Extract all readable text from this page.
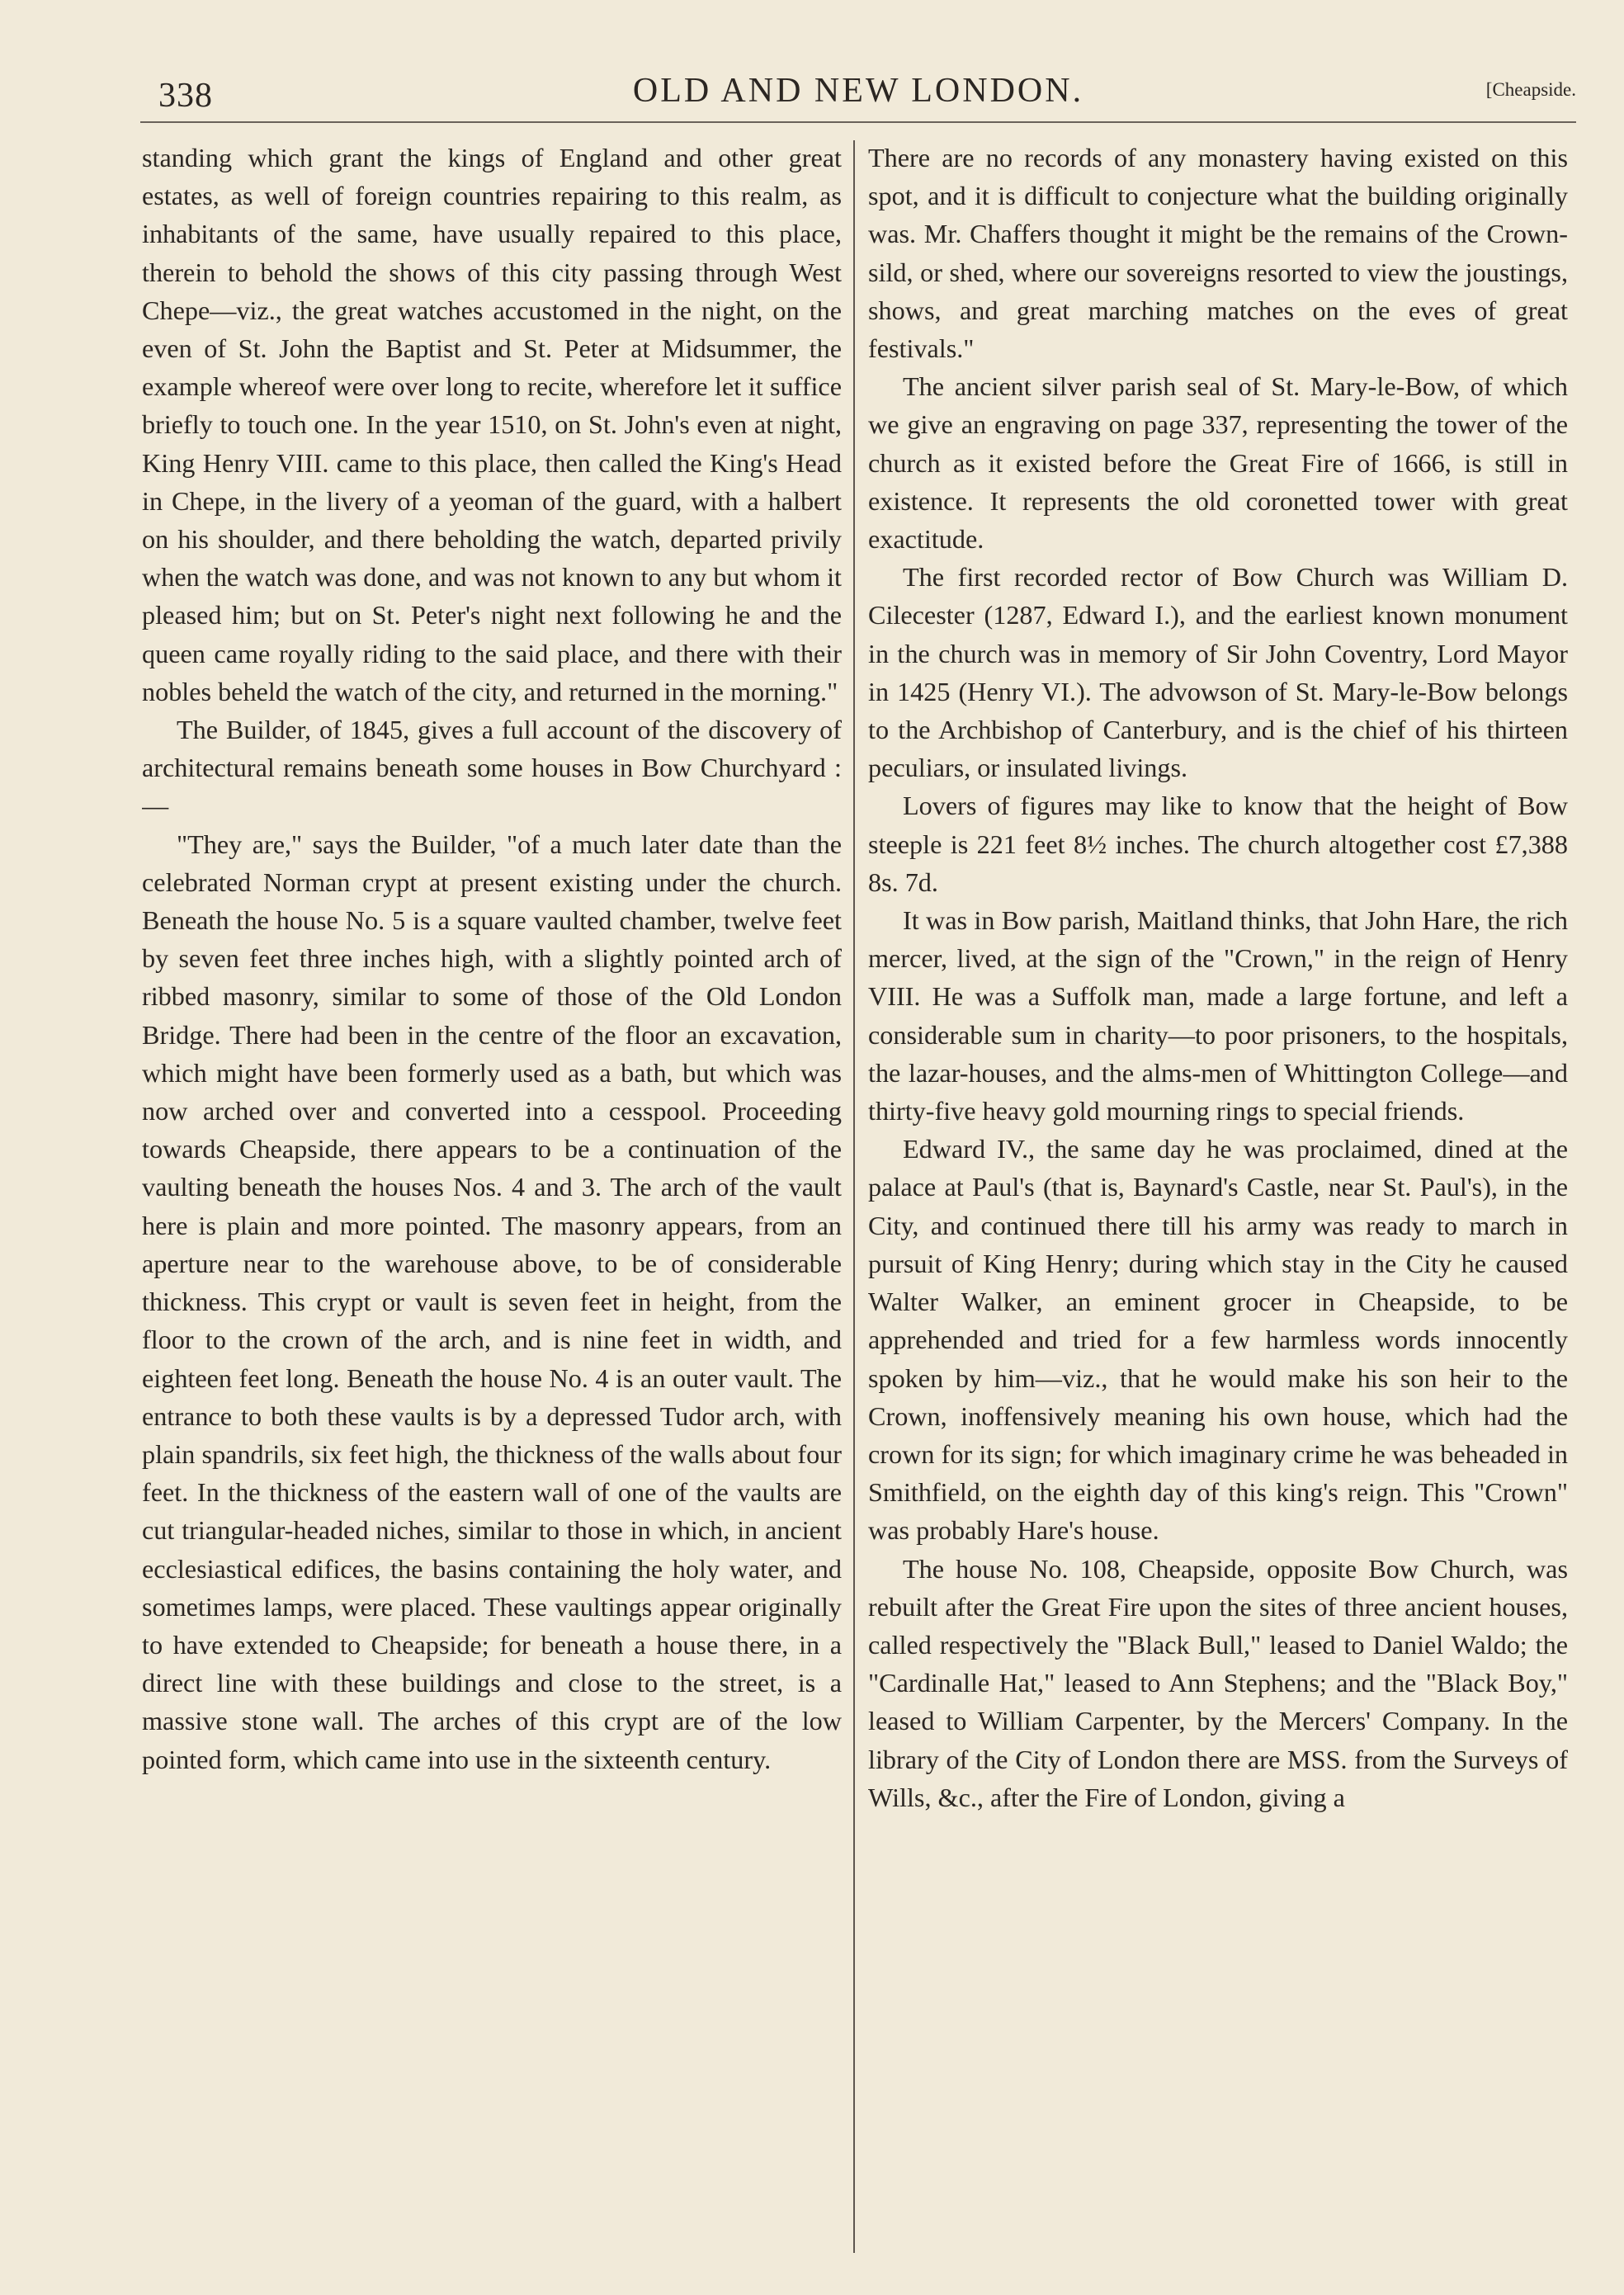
338	OLD AND NEW LONDON.	[Cheapside.

standing which grant the kings of England and other great estates, as well of foreign countries repairing to this realm, as inhabitants of the same, have usually repaired to this place, therein to behold the shows of this city passing through West Chepe—viz., the great watches accustomed in the night, on the even of St. John the Baptist and St. Peter at Midsummer, the example whereof were over long to recite, wherefore let it suffice briefly to touch one. In the year 1510, on St. John's even at night, King Henry VIII. came to this place, then called the King's Head in Chepe, in the livery of a yeoman of the guard, with a halbert on his shoulder, and there beholding the watch, departed privily when the watch was done, and was not known to any but whom it pleased him; but on St. Peter's night next following he and the queen came royally riding to the said place, and there with their nobles beheld the watch of the city, and returned in the morning."

The Builder, of 1845, gives a full account of the discovery of architectural remains beneath some houses in Bow Churchyard :—

"They are," says the Builder, "of a much later date than the celebrated Norman crypt at present existing under the church. Beneath the house No. 5 is a square vaulted chamber, twelve feet by seven feet three inches high, with a slightly pointed arch of ribbed masonry, similar to some of those of the Old London Bridge. There had been in the centre of the floor an excavation, which might have been formerly used as a bath, but which was now arched over and converted into a cesspool. Proceeding towards Cheapside, there appears to be a continuation of the vaulting beneath the houses Nos. 4 and 3. The arch of the vault here is plain and more pointed. The masonry appears, from an aperture near to the warehouse above, to be of considerable thickness. This crypt or vault is seven feet in height, from the floor to the crown of the arch, and is nine feet in width, and eighteen feet long. Beneath the house No. 4 is an outer vault. The entrance to both these vaults is by a depressed Tudor arch, with plain spandrils, six feet high, the thickness of the walls about four feet. In the thickness of the eastern wall of one of the vaults are cut triangular-headed niches, similar to those in which, in ancient ecclesiastical edifices, the basins containing the holy water, and sometimes lamps, were placed. These vaultings appear originally to have extended to Cheapside; for beneath a house there, in a direct line with these buildings and close to the street, is a massive stone wall. The arches of this crypt are of the low pointed form, which came into use in the sixteenth century.

There are no records of any monastery having existed on this spot, and it is difficult to conjecture what the building originally was. Mr. Chaffers thought it might be the remains of the Crown-sild, or shed, where our sovereigns resorted to view the joustings, shows, and great marching matches on the eves of great festivals."

The ancient silver parish seal of St. Mary-le-Bow, of which we give an engraving on page 337, representing the tower of the church as it existed before the Great Fire of 1666, is still in existence. It represents the old coronetted tower with great exactitude.

The first recorded rector of Bow Church was William D. Cilecester (1287, Edward I.), and the earliest known monument in the church was in memory of Sir John Coventry, Lord Mayor in 1425 (Henry VI.). The advowson of St. Mary-le-Bow belongs to the Archbishop of Canterbury, and is the chief of his thirteen peculiars, or insulated livings.

Lovers of figures may like to know that the height of Bow steeple is 221 feet 8½ inches. The church altogether cost £7,388 8s. 7d.

It was in Bow parish, Maitland thinks, that John Hare, the rich mercer, lived, at the sign of the "Crown," in the reign of Henry VIII. He was a Suffolk man, made a large fortune, and left a considerable sum in charity—to poor prisoners, to the hospitals, the lazar-houses, and the alms-men of Whittington College—and thirty-five heavy gold mourning rings to special friends.

Edward IV., the same day he was proclaimed, dined at the palace at Paul's (that is, Baynard's Castle, near St. Paul's), in the City, and continued there till his army was ready to march in pursuit of King Henry; during which stay in the City he caused Walter Walker, an eminent grocer in Cheapside, to be apprehended and tried for a few harmless words innocently spoken by him—viz., that he would make his son heir to the Crown, inoffensively meaning his own house, which had the crown for its sign; for which imaginary crime he was beheaded in Smithfield, on the eighth day of this king's reign. This "Crown" was probably Hare's house.

The house No. 108, Cheapside, opposite Bow Church, was rebuilt after the Great Fire upon the sites of three ancient houses, called respectively the "Black Bull," leased to Daniel Waldo; the "Cardinalle Hat," leased to Ann Stephens; and the "Black Boy," leased to William Carpenter, by the Mercers' Company. In the library of the City of London there are MSS. from the Surveys of Wills, &c., after the Fire of London, giving a
